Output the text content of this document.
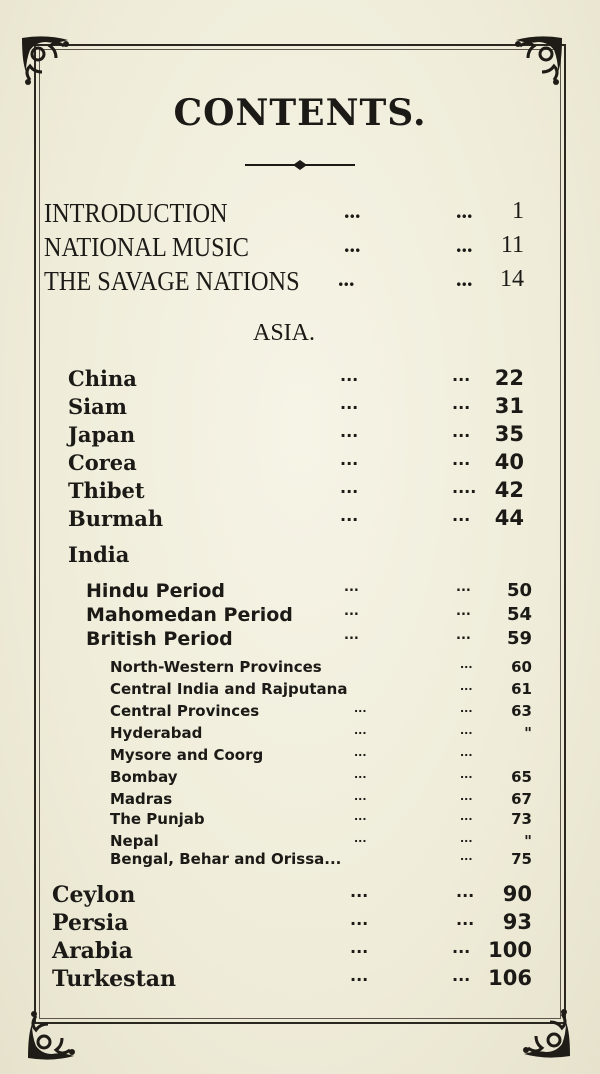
CONTENTS.
INTRODUCTION	...	... 1
NATIONAL MUSIC	...	... 11
THE SAVAGE NATIONS ...	... 14
ASIA.
China	...	... 22
Siam	...	... 31
Japan	...	... 35
Corea	...	... 40
Thibet	...	.... 42
Burmah	...	... 44
India
Hindu Period	...	... 50
Mahomedan Period	...	... 54
British Period	...	... 59
North-Western Provinces	...	60
Central India and Rajputana	...	61
Central Provinces	...	...	63
Hyderabad	...	...	"
Mysore and Coorg	...	...
Bombay	...	...	65
Madras	...	...	67
The Punjab	...	...	73
Nepal	...	...	"
Bengal, Behar and Orissa...	...	75
Ceylon	...	... 90
Persia	...	... 93
Arabia	...	... 100
Turkestan	...	... 106
